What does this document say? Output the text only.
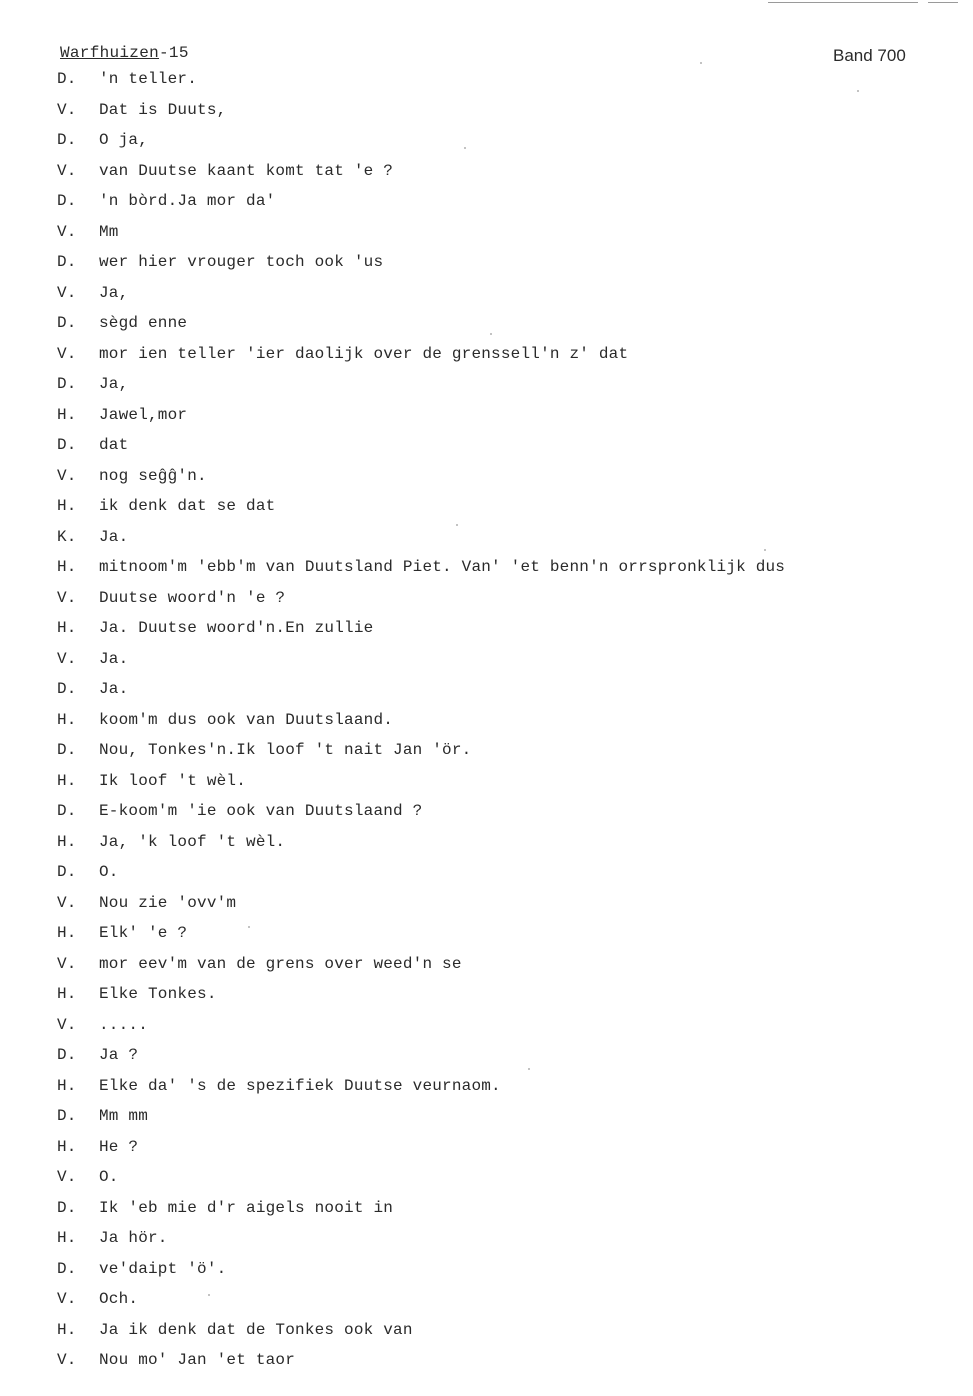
Warfhuizen-15	Band 700
D. 'n teller.
V. Dat is Duuts,
D. O ja,
V. van Duutse kaant komt tat 'e ?
D. 'n bòrd.Ja mor da'
V. Mm
D. wer hier vrouger toch ook 'us
V. Ja,
D. sègd enne
V. mor ien teller 'ier daolijk over de grenssell'n z' dat
D. Ja,
H. Jawel,mor
D. dat
V. nog seĝĝ'n.
H. ik denk dat se dat
K. Ja.
H. mitnoom'm 'ebb'm van Duutsland Piet. Van' 'et benn'n orrspronklijk dus
V. Duutse woord'n 'e ?
H. Ja. Duutse woord'n.En zullie
V. Ja.
D. Ja.
H. koom'm dus ook van Duutslaand.
D. Nou, Tonkes'n.Ik loof 't nait Jan 'ör.
H. Ik loof 't wèl.
D. E-koom'm 'ie ook van Duutslaand ?
H. Ja, 'k loof 't wèl.
D. O.
V. Nou zie 'ovv'm
H. Elk' 'e ?
V. mor eev'm van de grens over weed'n se
H. Elke Tonkes.
V. .....
D. Ja ?
H. Elke da' 's de spezifiek Duutse veurnaom.
D. Mm mm
H. He ?
V. O.
D. Ik 'eb mie d'r aigels nooit in
H. Ja hör.
D. ve'daipt 'ö'.
V. Och.
H. Ja ik denk dat de Tonkes ook van
V. Nou mo' Jan 'et taor
